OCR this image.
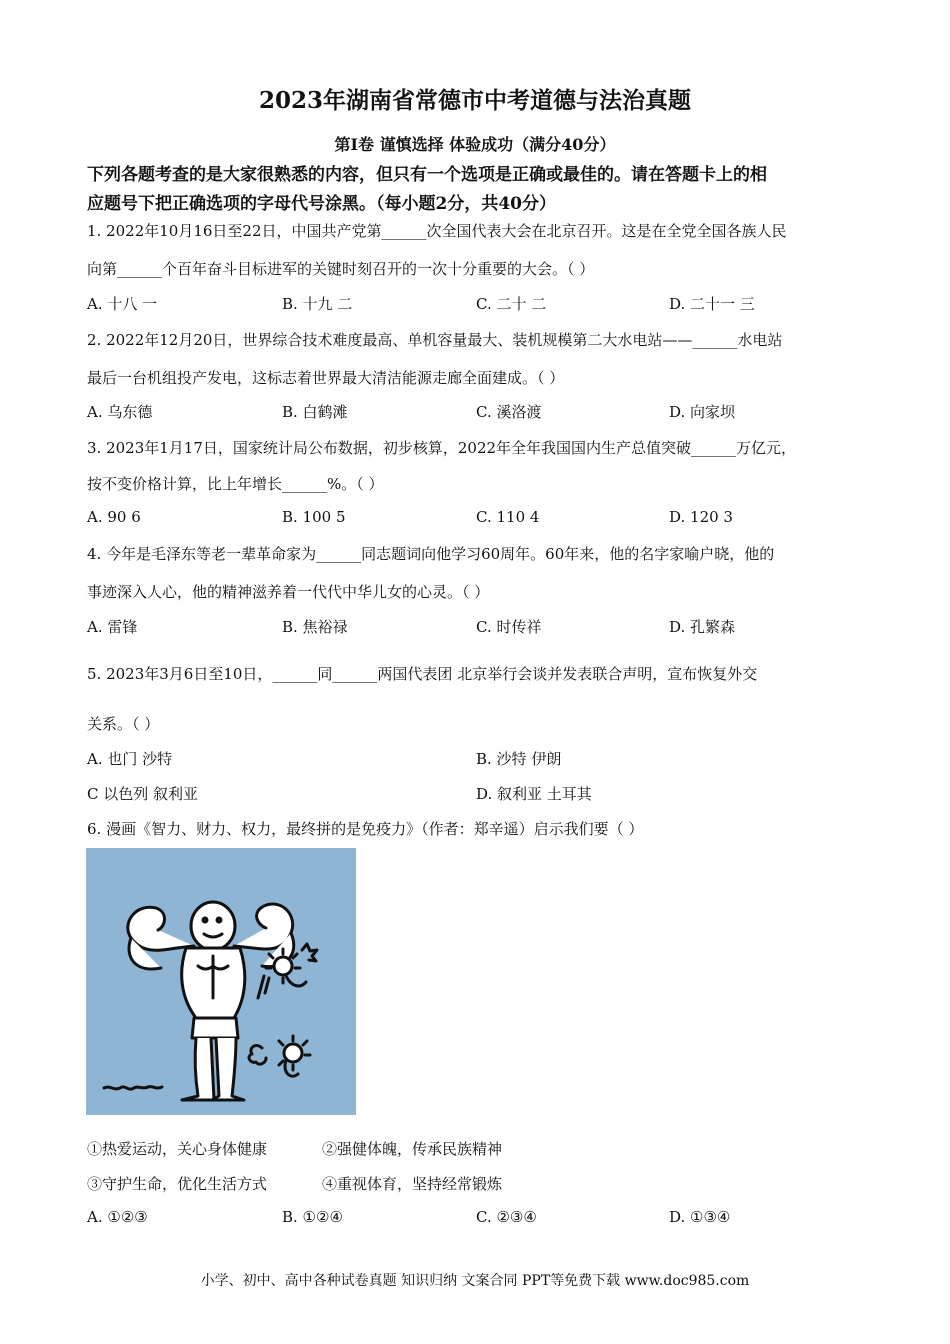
2023年湖南省常德市中考道德与法治真题
第Ⅰ卷 谨慎选择 体验成功（满分40分）
下列各题考查的是大家很熟悉的内容，但只有一个选项是正确或最佳的。请在答题卡上的相
应题号下把正确选项的字母代号涂黑。（每小题2分，共40分）
1. 2022年10月16日至22日，中国共产党第______次全国代表大会在北京召开。这是在全党全国各族人民
向第______个百年奋斗目标进军的关键时刻召开的一次十分重要的大会。（ ）
A. 十八 一	B. 十九 二	C. 二十 二	D. 二十一 三
2. 2022年12月20日，世界综合技术难度最高、单机容量最大、装机规模第二大水电站——______水电站
最后一台机组投产发电，这标志着世界最大清洁能源走廊全面建成。（ ）
A. 乌东德	B. 白鹤滩	C. 溪洛渡	D. 向家坝
3. 2023年1月17日，国家统计局公布数据，初步核算，2022年全年我国国内生产总值突破______万亿元，
按不变价格计算，比上年增长______%。（ ）
A. 90 6	B. 100 5	C. 110 4	D. 120 3
4. 今年是毛泽东等老一辈革命家为______同志题词向他学习60周年。60年来，他的名字家喻户晓，他的
事迹深入人心，他的精神滋养着一代代中华儿女的心灵。（ ）
A. 雷锋	B. 焦裕禄	C. 时传祥	D. 孔繁森
5. 2023年3月6日至10日，______同______两国代表团 北京举行会谈并发表联合声明，宣布恢复外交
关系。（ ）
A. 也门 沙特	B. 沙特 伊朗
C 以色列 叙利亚	D. 叙利亚 土耳其
6. 漫画《智力、财力、权力，最终拼的是免疫力》（作者：郑辛遥）启示我们要（ ）
①热爱运动，关心身体健康	②强健体魄，传承民族精神
③守护生命，优化生活方式	④重视体育，坚持经常锻炼
A. ①②③	B. ①②④	C. ②③④	D. ①③④
小学、初中、高中各种试卷真题 知识归纳 文案合同 PPT等免费下载 www.doc985.com
